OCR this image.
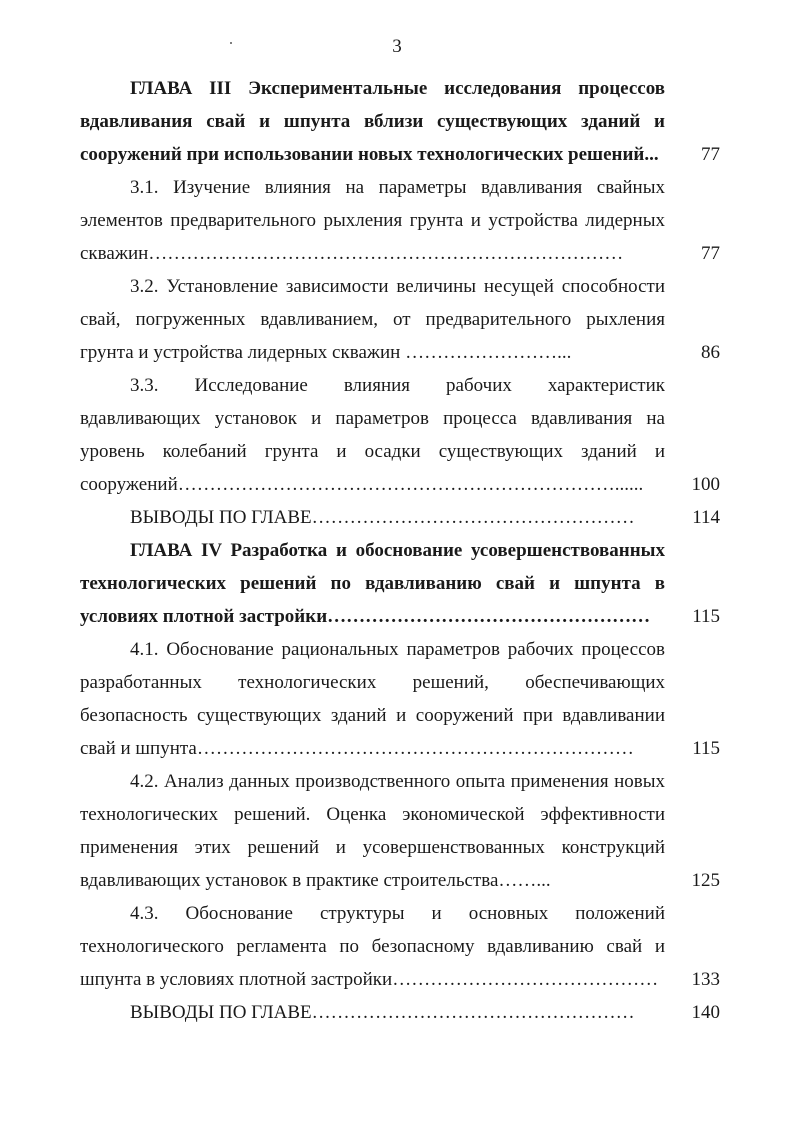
3
ГЛАВА III Экспериментальные исследования процессов вдавливания свай и шпунта вблизи существующих зданий и сооружений при использовании новых технологических решений...	77
3.1. Изучение влияния на параметры вдавливания свайных элементов предварительного рыхления грунта и устройства лидерных скважин…………………………………………………………………	77
3.2. Установление зависимости величины несущей способности свай, погруженных вдавливанием, от предварительного рыхления грунта и устройства лидерных скважин ……………………...	86
3.3. Исследование влияния рабочих характеристик вдавливающих установок и параметров процесса вдавливания на уровень колебаний грунта и осадки существующих зданий и сооружений……………………………………………………………......	100
ВЫВОДЫ ПО ГЛАВЕ……………………………………………	114
ГЛАВА IV Разработка и обоснование усовершенствованных технологических решений по вдавливанию свай и шпунта в условиях плотной застройки……………………………………………	115
4.1. Обоснование рациональных параметров рабочих процессов разработанных технологических решений, обеспечивающих безопасность существующих зданий и сооружений при вдавливании свай и шпунта……………………………………………………………	115
4.2. Анализ данных производственного опыта применения новых технологических решений. Оценка экономической эффективности применения этих решений и усовершенствованных конструкций вдавливающих установок в практике строительства……...	125
4.3. Обоснование структуры и основных положений технологического регламента по безопасному вдавливанию свай и шпунта в условиях плотной застройки……………………………………	133
ВЫВОДЫ ПО ГЛАВЕ……………………………………………	140
